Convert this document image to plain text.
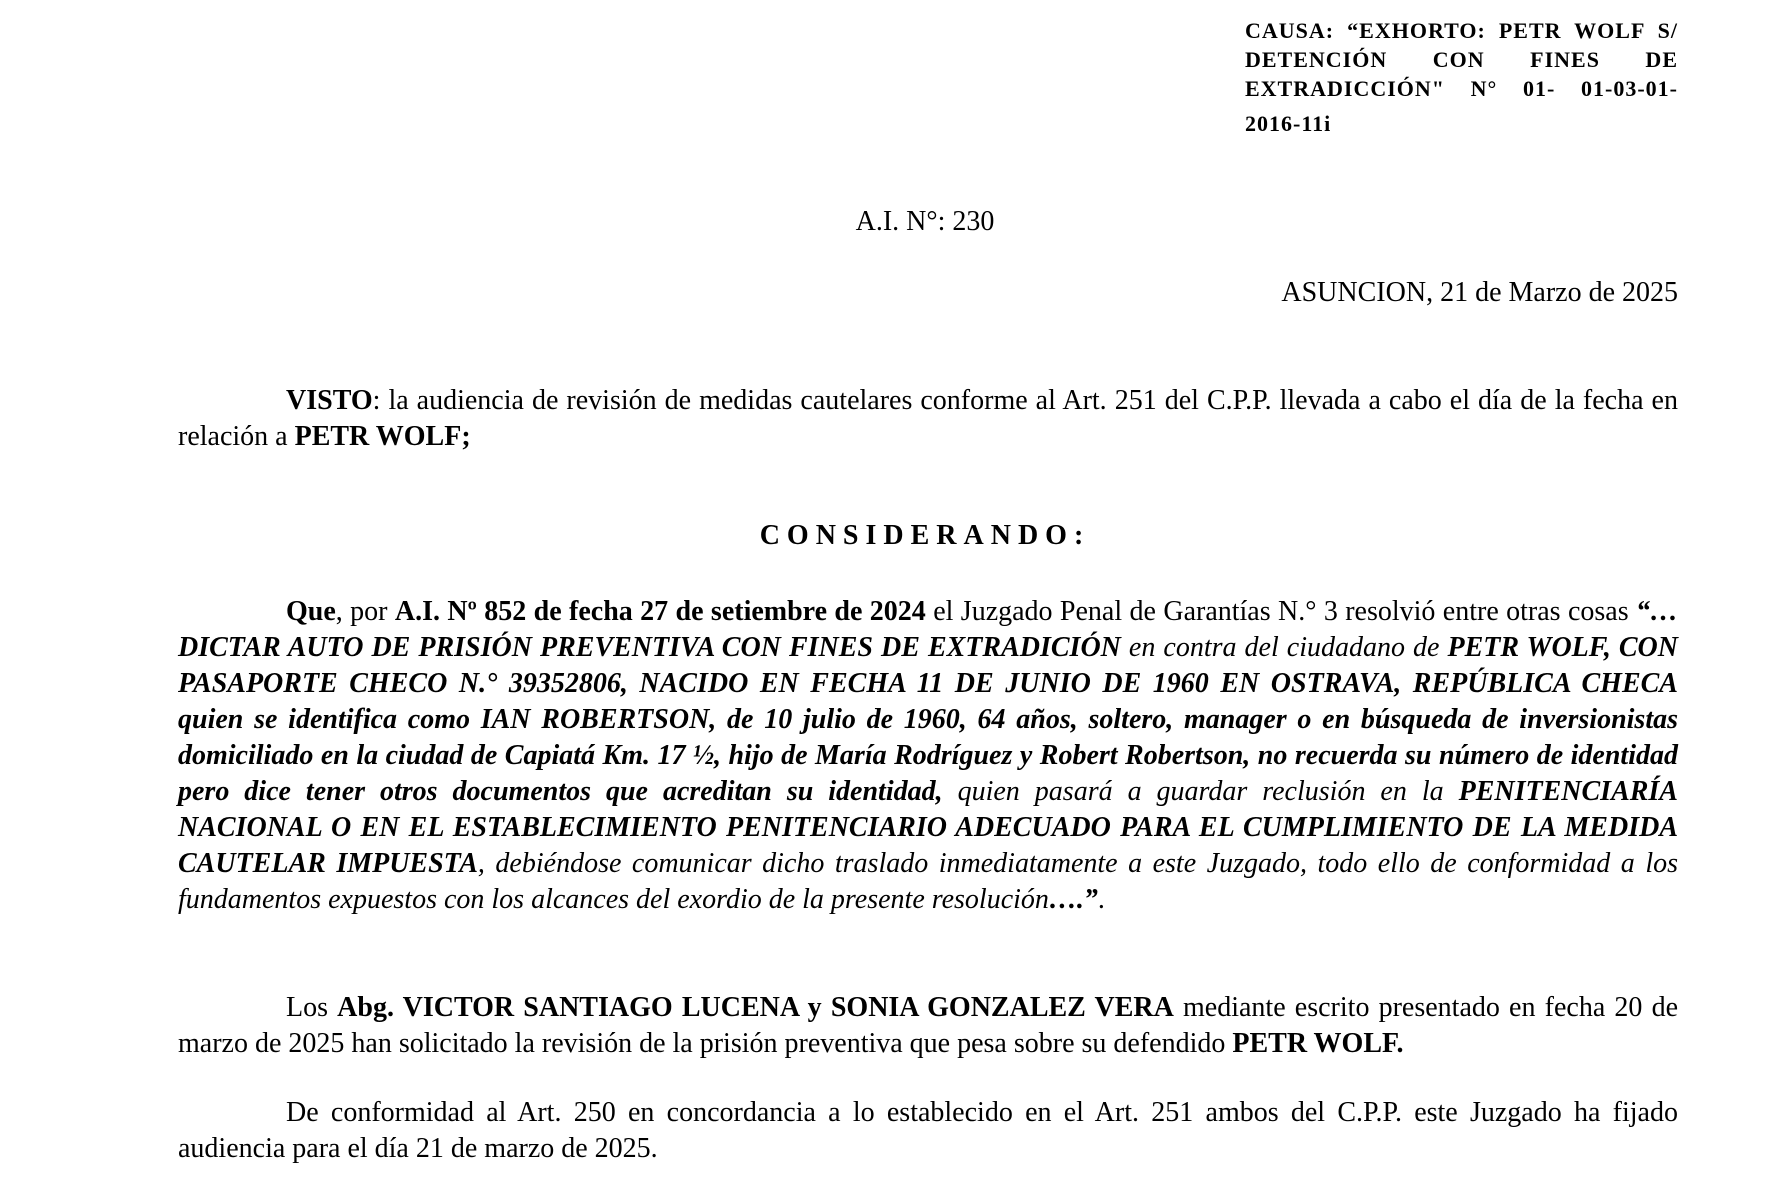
CAUSA: “EXHORTO: PETR WOLF S/
DETENCIÓN CON FINES DE
EXTRADICCIÓN" N° 01- 01-03-01-
2016-11i
A.I. N°: 230
ASUNCION, 21 de Marzo de 2025
VISTO: la audiencia de revisión de medidas cautelares conforme al Art. 251 del C.P.P. llevada a cabo el día de la fecha en relación a PETR WOLF;
CONSIDERANDO:
Que, por A.I. Nº 852 de fecha 27 de setiembre de 2024 el Juzgado Penal de Garantías N.° 3 resolvió entre otras cosas “…DICTAR AUTO DE PRISIÓN PREVENTIVA CON FINES DE EXTRADICIÓN en contra del ciudadano de PETR WOLF, CON PASAPORTE CHECO N.° 39352806, NACIDO EN FECHA 11 DE JUNIO DE 1960 EN OSTRAVA, REPÚBLICA CHECA quien se identifica como IAN ROBERTSON, de 10 julio de 1960, 64 años, soltero, manager o en búsqueda de inversionistas domiciliado en la ciudad de Capiatá Km. 17 ½, hijo de María Rodríguez y Robert Robertson, no recuerda su número de identidad pero dice tener otros documentos que acreditan su identidad, quien pasará a guardar reclusión en la PENITENCIARÍA NACIONAL O EN EL ESTABLECIMIENTO PENITENCIARIO ADECUADO PARA EL CUMPLIMIENTO DE LA MEDIDA CAUTELAR IMPUESTA, debiéndose comunicar dicho traslado inmediatamente a este Juzgado, todo ello de conformidad a los fundamentos expuestos con los alcances del exordio de la presente resolución….”.
Los Abg. VICTOR SANTIAGO LUCENA y SONIA GONZALEZ VERA mediante escrito presentado en fecha 20 de marzo de 2025 han solicitado la revisión de la prisión preventiva que pesa sobre su defendido PETR WOLF.
De conformidad al Art. 250 en concordancia a lo establecido en el Art. 251 ambos del C.P.P. este Juzgado ha fijado audiencia para el día 21 de marzo de 2025.
